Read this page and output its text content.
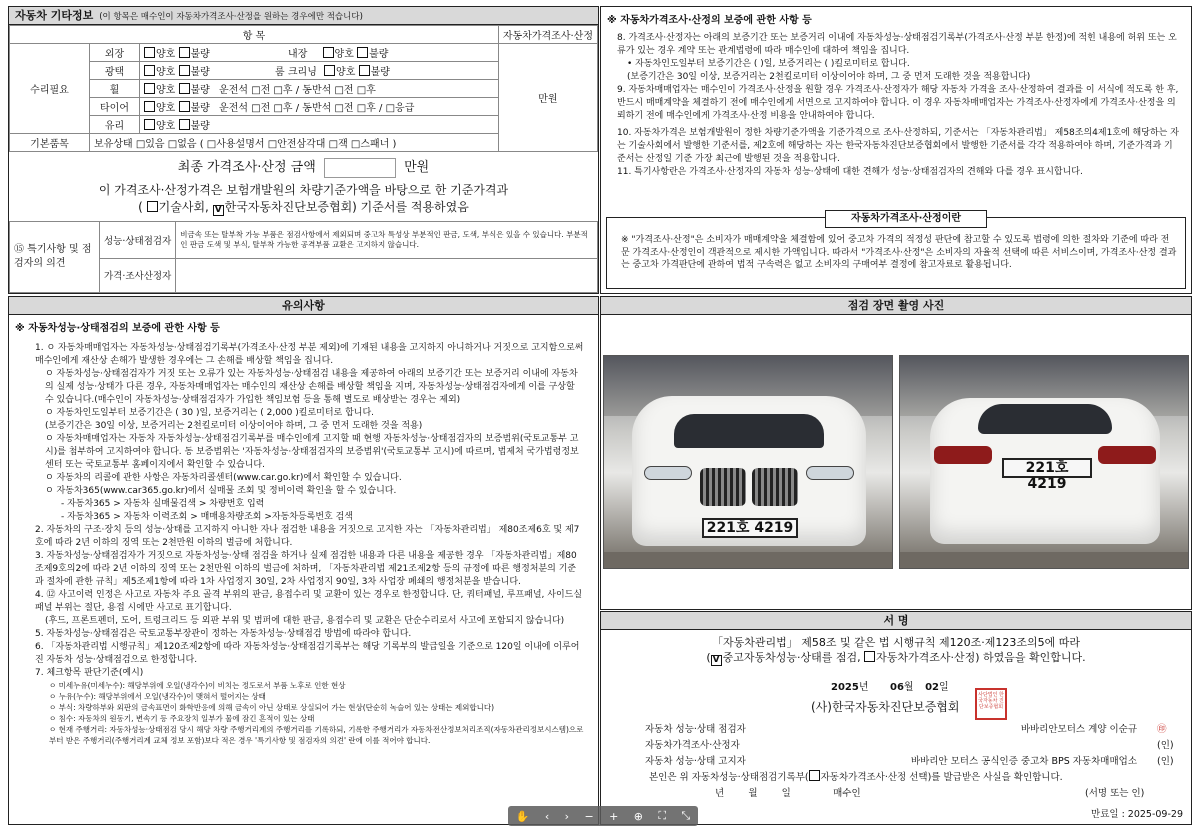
자동차 기타정보 (이 항목은 매수인이 자동차가격조사·산정을 원하는 경우에만 적습니다)
항 목			자동차가격조사·산정
수리필요	외장	양호 불량 내장 양호 불량	만원
	광택	양호 불량 룸 크리닝 양호 불량	
	휠	양호 불량 운전석 □전 □후 / 동반석 □전 □후	
	타이어	양호 불량 운전석 □전 □후 / 동반석 □전 □후 / □응급	
	유리	양호 불량	
기본품목	보유상태 □있음 □없음 ( □사용설명서 □안전삼각대 □잭 □스패너 )		
최종 가격조사·산정 금액	만원
이 가격조사·산정가격은 보험개발원의 차량기준가액을 바탕으로 한 기준가격과
( 기술사회, V 한국자동차진단보증협회) 기준서를 적용하였음
⑮ 특기사항 및 점검자의 의견	성능·상태점검자	비금속 또는 탈부착 가능 부품은 점검사항에서 제외되며 중고차 특성상 부분적인 판금, 도색, 부식은 있을 수 있습니다. 부분적인 판금 도색 및 부식, 탈부착 가능한 공격부품 교환은 고지하지 않습니다.
	가격·조사산정자	
※ 자동차가격조사·산정의 보증에 관한 사항 등

8. 가격조사·산정자는 아래의 보증기간 또는 보증거리 이내에 자동차성능·상태점검기록부(가격조사·산정 부분 한정)에 적힌 내용에 허위 또는 오류가 있는 경우 계약 또는 관계법령에 따라 매수인에 대하여 책임을 집니다.

• 자동차인도일부터 보증기간은 ( )일, 보증거리는 ( )킬로미터로 합니다.

(보증기간은 30일 이상, 보증거리는 2천킬로미터 이상이어야 하며, 그 중 먼저 도래한 것을 적용합니다)

9. 자동차매매업자는 매수인이 가격조사·산정을 원할 경우 가격조사·산정자가 해당 자동차 가격을 조사·산정하여 결과를 이 서식에 적도록 한 후, 반드시 매매계약을 체결하기 전에 매수인에게 서면으로 고지하여야 합니다. 이 경우 자동차매매업자는 가격조사·산정자에게 가격조사·산정을 의뢰하기 전에 매수인에게 가격조사·산정 비용을 안내하여야 합니다.

10. 자동차가격은 보험개발원이 정한 차량기준가액을 기준가격으로 조사·산정하되, 기준서는 「자동차관리법」 제58조의4제1호에 해당하는 자는 기술사회에서 발행한 기준서를, 제2호에 해당하는 자는 한국자동차진단보증협회에서 발행한 기준서를 각각 적용하여야 하며, 기준가격과 기준서는 산정일 기준 가장 최근에 발행된 것을 적용합니다.

11. 특기사항란은 가격조사·산정자의 자동차 성능·상태에 대한 견해가 성능·상태점검자의 견해와 다를 경우 표시합니다.

자동차가격조사·산정이란

※ "가격조사·산정"은 소비자가 매매계약을 체결함에 있어 중고차 가격의 적정성 판단에 참고할 수 있도록 법령에 의한 절차와 기준에 따라 전문 가격조사·산정인이 객관적으로 제시한 가액입니다. 따라서 "가격조사·산정"은 소비자의 자율적 선택에 따른 서비스이며, 가격조사·산정 결과는 중고차 가격판단에 관하여 법적 구속력은 없고 소비자의 구매여부 결정에 참고자료로 활용됩니다.

유의사항
※ 자동차성능·상태점검의 보증에 관한 사항 등

1. ㅇ 자동차매매업자는 자동차성능·상태점검기록부(가격조사·산정 부분 제외)에 기재된 내용을 고지하지 아니하거나 거짓으로 고지함으로써 매수인에게 재산상 손해가 발생한 경우에는 그 손해를 배상할 책임을 집니다.

ㅇ 자동차성능·상태점검자가 거짓 또는 오류가 있는 자동차성능·상태점검 내용을 제공하여 아래의 보증기간 또는 보증거리 이내에 자동차의 실제 성능·상태가 다른 경우, 자동차매매업자는 매수인의 재산상 손해를 배상할 책임을 지며, 자동차성능·상태점검자에게 이를 구상할 수 있습니다.(매수인이 자동차성능·상태점검자가 가입한 책임보험 등을 통해 별도로 배상받는 경우는 제외)

ㅇ 자동차인도일부터 보증기간은 ( 30 )일, 보증거리는 ( 2,000 )킬로미터로 합니다.

(보증기간은 30일 이상, 보증거리는 2천킬로미터 이상이어야 하며, 그 중 먼저 도래한 것을 적용)

ㅇ 자동차매매업자는 자동차 자동차성능·상태점검기록부를 매수인에게 고지할 때 현행 자동차성능·상태점검자의 보증범위(국토교통부 고시)를 첨부하여 고지하여야 합니다. 동 보증범위는 '자동차성능·상태점검자의 보증범위'(국토교통부 고시)에 따르며, 법제처 국가법령정보센터 또는 국토교통부 홈페이지에서 확인할 수 있습니다.

ㅇ 자동차의 리콜에 관한 사항은 자동차리콜센터(www.car.go.kr)에서 확인할 수 있습니다.

ㅇ 자동차365(www.car365.go.kr)에서 실매물 조회 및 정비이력 확인을 할 수 있습니다.

- 자동차365 > 자동차 실매물검색 > 차량번호 입력

- 자동차365 > 자동차 이력조회 > 매매용차량조회 >자동차등록번호 검색

2. 자동차의 구조·장치 등의 성능·상태를 고지하지 아니한 자나 점검한 내용을 거짓으로 고지한 자는 「자동차관리법」 제80조제6호 및 제7호에 따라 2년 이하의 징역 또는 2천만원 이하의 벌금에 처합니다.

3. 자동차성능·상태점검자가 거짓으로 자동차성능·상태 점검을 하거나 실제 점검한 내용과 다른 내용을 제공한 경우 「자동차관리법」제80조제9호의2에 따라 2년 이하의 징역 또는 2천만원 이하의 벌금에 처하며, 「자동차관리법 제21조제2항 등의 규정에 따른 행정처분의 기준과 절차에 관한 규칙」제5조제1항에 따라 1차 사업정지 30일, 2차 사업정지 90일, 3차 사업장 폐쇄의 행정처분을 받습니다.

4. ⑫ 사고이력 인정은 사고로 자동차 주요 골격 부위의 판금, 용접수리 및 교환이 있는 경우로 한정합니다. 단, 쿼터패널, 루프패널, 사이드실패널 부위는 절단, 용접 시에만 사고로 표기합니다.

(후드, 프론트펜더, 도어, 트렁크리드 등 외판 부위 및 범퍼에 대한 판금, 용접수리 및 교환은 단순수리로서 사고에 포함되지 않습니다)

5. 자동차성능·상태점검은 국토교통부장관이 정하는 자동차성능·상태점검 방법에 따라야 합니다.

6. 「자동차관리법 시행규칙」제120조제2항에 따라 자동차성능·상태점검기록부는 해당 기록부의 발급일을 기준으로 120일 이내에 이루어진 자동차 성능·상태점검으로 한정합니다.

7. 체크항목 판단기준(예시)

ㅇ 미세누유(미세누수): 해당부위에 오일(냉각수)이 비치는 정도로서 부품 노후로 인한 현상

ㅇ 누유(누수): 해당부위에서 오일(냉각수)이 맺혀서 떨어지는 상태

ㅇ 부식: 차량하부와 외판의 금속표면이 화학반응에 의해 금속이 아닌 상태로 상실되어 가는 현상(단순히 녹슬어 있는 상태는 제외합니다)

ㅇ 침수: 자동차의 원동기, 변속기 등 주요장치 일부가 물에 잠긴 흔적이 있는 상태

ㅇ 현재 주행거리: 자동차성능·상태점검 당시 해당 차량 주행거리계의 주행거리를 기록하되, 기록한 주행거리가 자동차전산정보처리조직(자동차관리정보시스템)으로부터 받은 주행거리(주행거리계 교체 정보 포함)보다 적은 경우 '특기사항 및 점검자의 의견' 란에 이를 적어야 합니다.

점검 장면 촬영 사진
221호 4219
221호 4219
서 명
「자동차관리법」 제58조 및 같은 법 시행규칙 제120조·제123조의5에 따라
( V 중고자동차성능·상태를 점검, 자동차가격조사·산정) 하였음을 확인합니다.
2025년 06월 02일
(사)한국자동차진단보증협회
사단법인 한국자동차 진단보증협회
자동차 성능·상태 점검자	바바리안모터스 계양 이순규	㊞
자동차가격조사·산정자	(인)
자동차 성능·상태 고지자	바바리안 모터스 공식인증 중고차 BPS 자동차매매업소	(인)
본인은 위 자동차성능·상태점검기록부( 자동차가격조사·산정 선택)를 발급받은 사실을 확인합니다.
년        월        일              매수인	(서명 또는 인)
만료일 : 2025-09-29
✋ ‹ › − + ⊕ ⛶ ⤡
